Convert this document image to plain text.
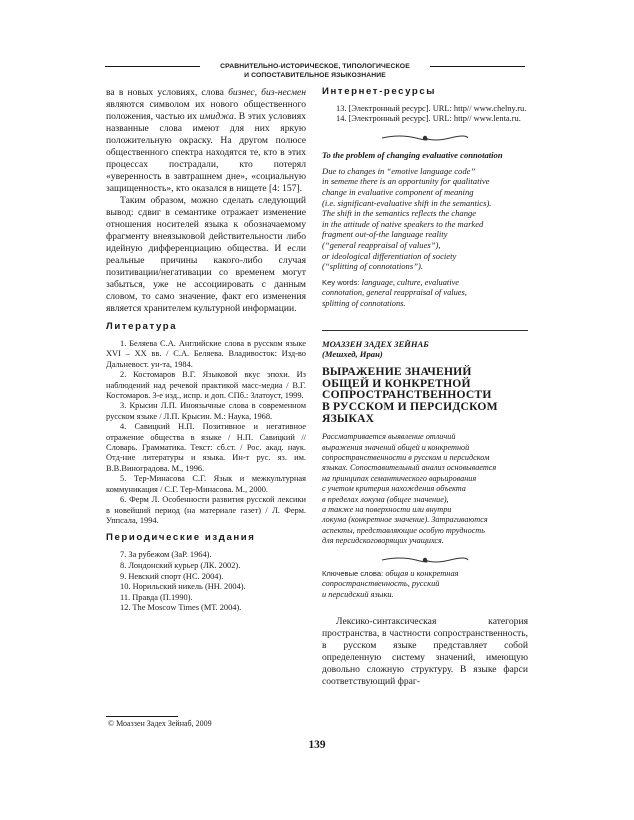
СРАВНИТЕЛЬНО-ИСТОРИЧЕСКОЕ, ТИПОЛОГИЧЕСКОЕ
И СОПОСТАВИТЕЛЬНОЕ ЯЗЫКОЗНАНИЕ

ва в новых условиях, слова бизнес, биз-несмен являются символом их нового общественного положения, частью их имиджа. В этих условиях названные слова имеют для них яркую положительную окраску. На другом полюсе общественного спектра находятся те, кто в этих процессах пострадали, кто потерял «уверенность в завтрашнем дне», «социальную защищенность», кто оказался в нищете [4: 157].

Таким образом, можно сделать следующий вывод: сдвиг в семантике отражает изменение отношения носителей языка к обозначаемому фрагменту внеязыковой действительности либо идейную дифференциацию общества. И если реальные причины какого-либо случая позитивации/негативации со временем могут забыться, уже не ассоциировать с данным словом, то само значение, факт его изменения является хранителем культурной информации.

Литература

1. Беляева С.А. Английские слова в русском языке XVI – XX вв. / С.А. Беляева. Владивосток: Изд-во Дальневост. ун-та, 1984.

2. Костомаров В.Г. Языковой вкус эпохи. Из наблюдений над речевой практикой масс-медиа / В.Г. Костомаров. 3-е изд., испр. и доп. СПб.: Златоуст, 1999.

3. Крысин Л.П. Иноязычные слова в современном русском языке / Л.П. Крысин. М.: Наука, 1968.

4. Савицкий Н.П. Позитивное и негативное отражение общества в языке / Н.П. Савицкий // Словарь. Грамматика. Текст: сб.ст. / Рос. акад. наук. Отд-ние литературы и языка. Ин-т рус. яз. им. В.В.Виноградова. М., 1996.

5. Тер-Минасова С.Г. Язык и межкультурная коммуникация / С.Г. Тер-Минасова. М., 2000.

6. Ферм Л. Особенности развития русской лексики в новейший период (на материале газет) / Л. Ферм. Уппсала, 1994.

Периодические издания

7. За рубежом (ЗаР. 1964).

8. Лондонский курьер (ЛК. 2002).

9. Невский спорт (НС. 2004).

10. Норильский никель (НН. 2004).

11. Правда (П.1990).

12. The Moscow Times (МТ. 2004).

Интернет-ресурсы

13. [Электронный ресурс]. URL: http// www.chelny.ru.

14. [Электронный ресурс]. URL: http// www.lenta.ru.

To the problem of changing evaluative connotation

Due to changes in “emotive language code”

in sememe there is an opportunity for qualitative

change in evaluative component of meaning

(i.e. significant-evaluative shift in the semantics).

The shift in the semantics reflects the change

in the attitude of native speakers to the marked

fragment out-of-the language reality

(“general reappraisal of values”),

or ideological differentiation of society

(“splitting of connotations”).

Key words: language, culture, evaluative
connotation, general reappraisal of values,
splitting of connotations.

МОАЗЗЕН ЗАДЕХ ЗЕЙНАБ

(Мешхед, Иран)

ВЫРАЖЕНИЕ ЗНАЧЕНИЙ
ОБЩЕЙ И КОНКРЕТНОЙ
СОПРОСТРАНСТВЕННОСТИ
В РУССКОМ И ПЕРСИДСКОМ
ЯЗЫКАХ

Рассматривается выявление отличий

выражения значений общей и конкретной

сопространственности в русском и персидском

языках. Сопоставительный анализ основывается

на принципах семантического варьирования

с учетом критерия нахождения объекта

в пределах локума (общее значение),

а также на поверхности или внутри

локума (конкретное значение). Затрагиваются

аспекты, представляющие особую трудность

для персидскоговорящих учащихся.

Ключевые слова: общая и конкретная
сопространственность, русский
и персидский языки.

Лексико-синтаксическая категория пространства, в частности сопространственность, в русском языке представляет собой определенную систему значений, имеющую довольно сложную структуру. В языке фарси соответствующий фраг-

© Моаззен Задех Зейнаб, 2009
139
